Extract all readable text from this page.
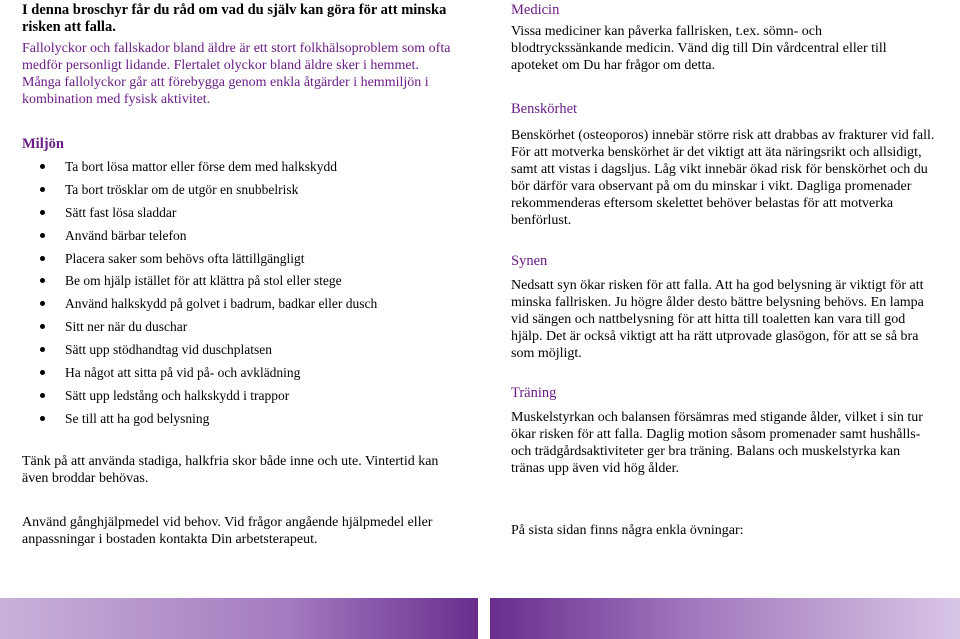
I denna broschyr får du råd om vad du själv kan göra för att minska risken att falla.

Fallolyckor och fallskador bland äldre är ett stort folkhälsoproblem som ofta medför personligt lidande. Flertalet olyckor bland äldre sker i hemmet. Många fallolyckor går att förebygga genom enkla åtgärder i hemmiljön i kombination med fysisk aktivitet.

Miljön

Ta bort lösa mattor eller förse dem med halkskydd
Ta bort trösklar om de utgör en snubbelrisk
Sätt fast lösa sladdar
Använd bärbar telefon
Placera saker som behövs ofta lättillgängligt
Be om hjälp istället för att klättra på stol eller stege
Använd halkskydd på golvet i badrum, badkar eller dusch
Sitt ner när du duschar
Sätt upp stödhandtag vid duschplatsen
Ha något att sitta på vid på- och avklädning
Sätt upp ledstång och halkskydd i trappor
Se till att ha god belysning

Tänk på att använda stadiga, halkfria skor både inne och ute. Vintertid kan även broddar behövas.

Använd gånghjälpmedel vid behov. Vid frågor angående hjälpmedel eller anpassningar i bostaden kontakta Din arbetsterapeut.

Medicin

Vissa mediciner kan påverka fallrisken, t.ex. sömn- och blodtryckssänkande medicin. Vänd dig till Din vårdcentral eller till apoteket om Du har frågor om detta.

Benskörhet

Benskörhet (osteoporos) innebär större risk att drabbas av frakturer vid fall. För att motverka benskörhet är det viktigt att äta näringsrikt och allsidigt, samt att vistas i dagsljus. Låg vikt innebär ökad risk för benskörhet och du bör därför vara observant på om du minskar i vikt. Dagliga promenader rekommenderas eftersom skelettet behöver belastas för att motverka benförlust.

Synen

Nedsatt syn ökar risken för att falla. Att ha god belysning är viktigt för att minska fallrisken. Ju högre ålder desto bättre belysning behövs. En lampa vid sängen och nattbelysning för att hitta till toaletten kan vara till god hjälp. Det är också viktigt att ha rätt utprovade glasögon, för att se så bra som möjligt.

Träning

Muskelstyrkan och balansen försämras med stigande ålder, vilket i sin tur ökar risken för att falla. Daglig motion såsom promenader samt hushålls- och trädgårdsaktiviteter ger bra träning. Balans och muskelstyrka kan tränas upp även vid hög ålder.

På sista sidan finns några enkla övningar:
